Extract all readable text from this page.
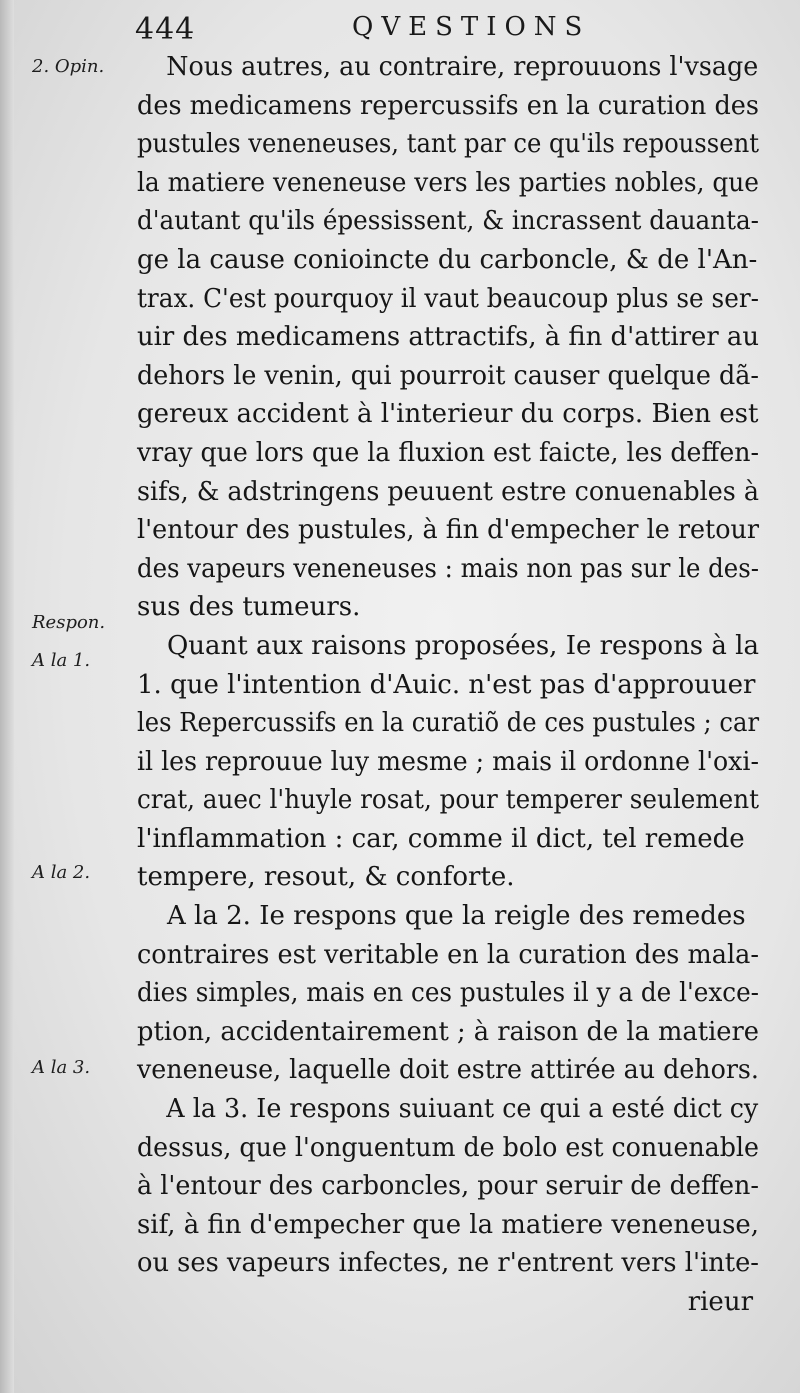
444	QVESTIONS
2. Opin.
Respon.
A la 1.
A la 2.
A la 3.
Nous autres, au contraire, reprouuons l'vsage
des medicamens repercussifs en la curation des
pustules veneneuses, tant par ce qu'ils repoussent
la matiere veneneuse vers les parties nobles, que
d'autant qu'ils épessissent, & incrassent dauanta-
ge la cause conioincte du carboncle, & de l'An-
trax. C'est pourquoy il vaut beaucoup plus se ser-
uir des medicamens attractifs, à fin d'attirer au
dehors le venin, qui pourroit causer quelque dã-
gereux accident à l'interieur du corps. Bien est
vray que lors que la fluxion est faicte, les deffen-
sifs, & adstringens peuuent estre conuenables à
l'entour des pustules, à fin d'empecher le retour
des vapeurs veneneuses : mais non pas sur le des-
sus des tumeurs.
Quant aux raisons proposées, Ie respons à la
1. que l'intention d'Auic. n'est pas d'approuuer
les Repercussifs en la curatiõ de ces pustules ; car
il les reprouue luy mesme ; mais il ordonne l'oxi-
crat, auec l'huyle rosat, pour temperer seulement
l'inflammation : car, comme il dict, tel remede
tempere, resout, & conforte.
A la 2. Ie respons que la reigle des remedes
contraires est veritable en la curation des mala-
dies simples, mais en ces pustules il y a de l'exce-
ption, accidentairement ; à raison de la matiere
veneneuse, laquelle doit estre attirée au dehors.
A la 3. Ie respons suiuant ce qui a esté dict cy
dessus, que l'onguentum de bolo est conuenable
à l'entour des carboncles, pour seruir de deffen-
sif, à fin d'empecher que la matiere veneneuse,
ou ses vapeurs infectes, ne r'entrent vers l'inte-
rieur
